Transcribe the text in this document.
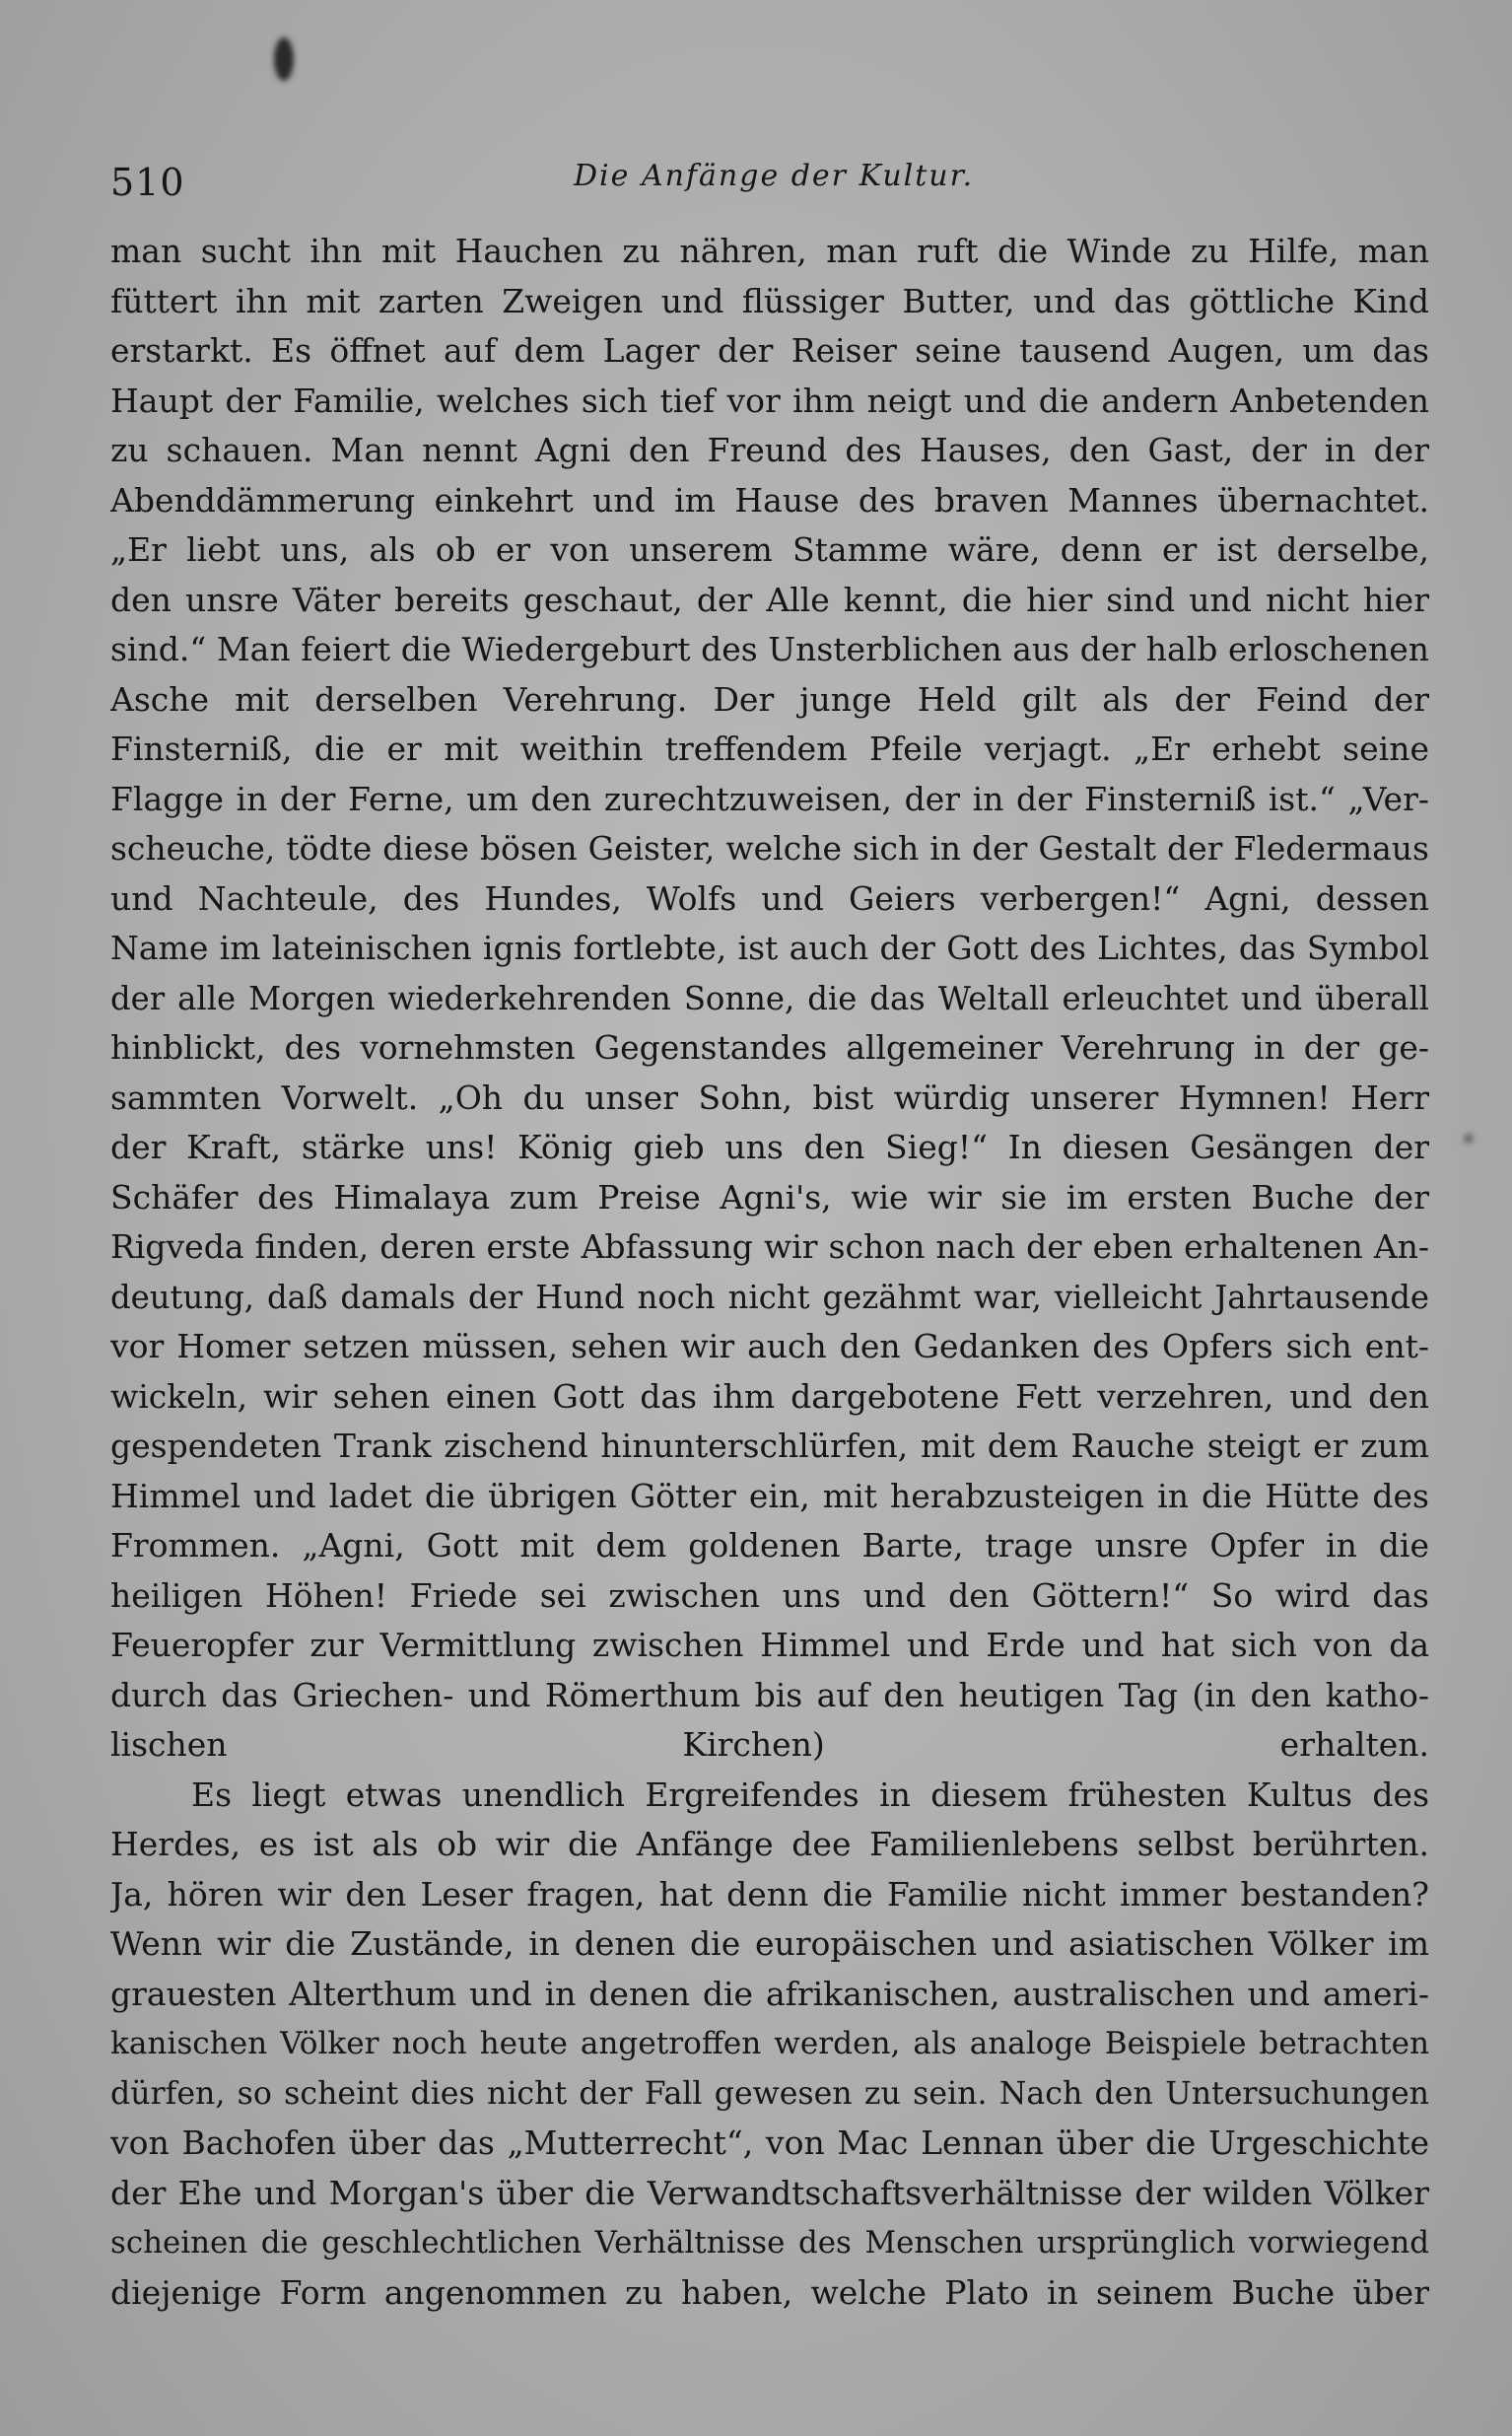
510	Die Anfänge der Kultur.
man sucht ihn mit Hauchen zu nähren, man ruft die Winde zu Hilfe, man
füttert ihn mit zarten Zweigen und flüssiger Butter, und das göttliche Kind
erstarkt. Es öffnet auf dem Lager der Reiser seine tausend Augen, um das
Haupt der Familie, welches sich tief vor ihm neigt und die andern Anbetenden
zu schauen. Man nennt Agni den Freund des Hauses, den Gast, der in der
Abenddämmerung einkehrt und im Hause des braven Mannes übernachtet.
„Er liebt uns, als ob er von unserem Stamme wäre, denn er ist derselbe,
den unsre Väter bereits geschaut, der Alle kennt, die hier sind und nicht hier
sind.“ Man feiert die Wiedergeburt des Unsterblichen aus der halb erloschenen
Asche mit derselben Verehrung. Der junge Held gilt als der Feind der
Finsterniß, die er mit weithin treffendem Pfeile verjagt. „Er erhebt seine
Flagge in der Ferne, um den zurechtzuweisen, der in der Finsterniß ist.“ „Ver-
scheuche, tödte diese bösen Geister, welche sich in der Gestalt der Fledermaus
und Nachteule, des Hundes, Wolfs und Geiers verbergen!“ Agni, dessen
Name im lateinischen ignis fortlebte, ist auch der Gott des Lichtes, das Symbol
der alle Morgen wiederkehrenden Sonne, die das Weltall erleuchtet und überall
hinblickt, des vornehmsten Gegenstandes allgemeiner Verehrung in der ge-
sammten Vorwelt. „Oh du unser Sohn, bist würdig unserer Hymnen! Herr
der Kraft, stärke uns! König gieb uns den Sieg!“ In diesen Gesängen der
Schäfer des Himalaya zum Preise Agni's, wie wir sie im ersten Buche der
Rigveda finden, deren erste Abfassung wir schon nach der eben erhaltenen An-
deutung, daß damals der Hund noch nicht gezähmt war, vielleicht Jahrtausende
vor Homer setzen müssen, sehen wir auch den Gedanken des Opfers sich ent-
wickeln, wir sehen einen Gott das ihm dargebotene Fett verzehren, und den
gespendeten Trank zischend hinunterschlürfen, mit dem Rauche steigt er zum
Himmel und ladet die übrigen Götter ein, mit herabzusteigen in die Hütte des
Frommen. „Agni, Gott mit dem goldenen Barte, trage unsre Opfer in die
heiligen Höhen! Friede sei zwischen uns und den Göttern!“ So wird das
Feueropfer zur Vermittlung zwischen Himmel und Erde und hat sich von da
durch das Griechen- und Römerthum bis auf den heutigen Tag (in den katho-
lischen Kirchen) erhalten.
Es liegt etwas unendlich Ergreifendes in diesem frühesten Kultus des
Herdes, es ist als ob wir die Anfänge dee Familienlebens selbst berührten.
Ja, hören wir den Leser fragen, hat denn die Familie nicht immer bestanden?
Wenn wir die Zustände, in denen die europäischen und asiatischen Völker im
grauesten Alterthum und in denen die afrikanischen, australischen und ameri-
kanischen Völker noch heute angetroffen werden, als analoge Beispiele betrachten
dürfen, so scheint dies nicht der Fall gewesen zu sein. Nach den Untersuchungen
von Bachofen über das „Mutterrecht“, von Mac Lennan über die Urgeschichte
der Ehe und Morgan's über die Verwandtschaftsverhältnisse der wilden Völker
scheinen die geschlechtlichen Verhältnisse des Menschen ursprünglich vorwiegend
diejenige Form angenommen zu haben, welche Plato in seinem Buche über
